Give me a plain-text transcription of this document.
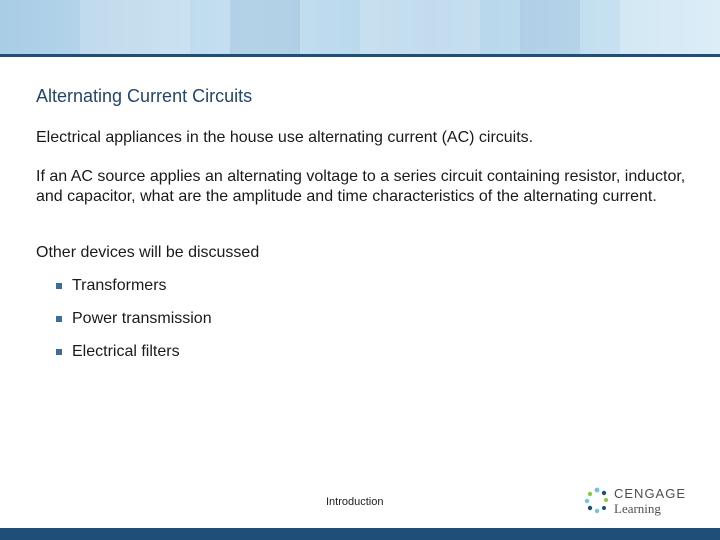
Alternating Current Circuits
Electrical appliances in the house use alternating current (AC) circuits.
If an AC source applies an alternating voltage to a series circuit containing resistor, inductor, and capacitor, what are the amplitude and time characteristics of the alternating current.
Other devices will be discussed
Transformers
Power transmission
Electrical filters
Introduction
CENGAGE
Learning
